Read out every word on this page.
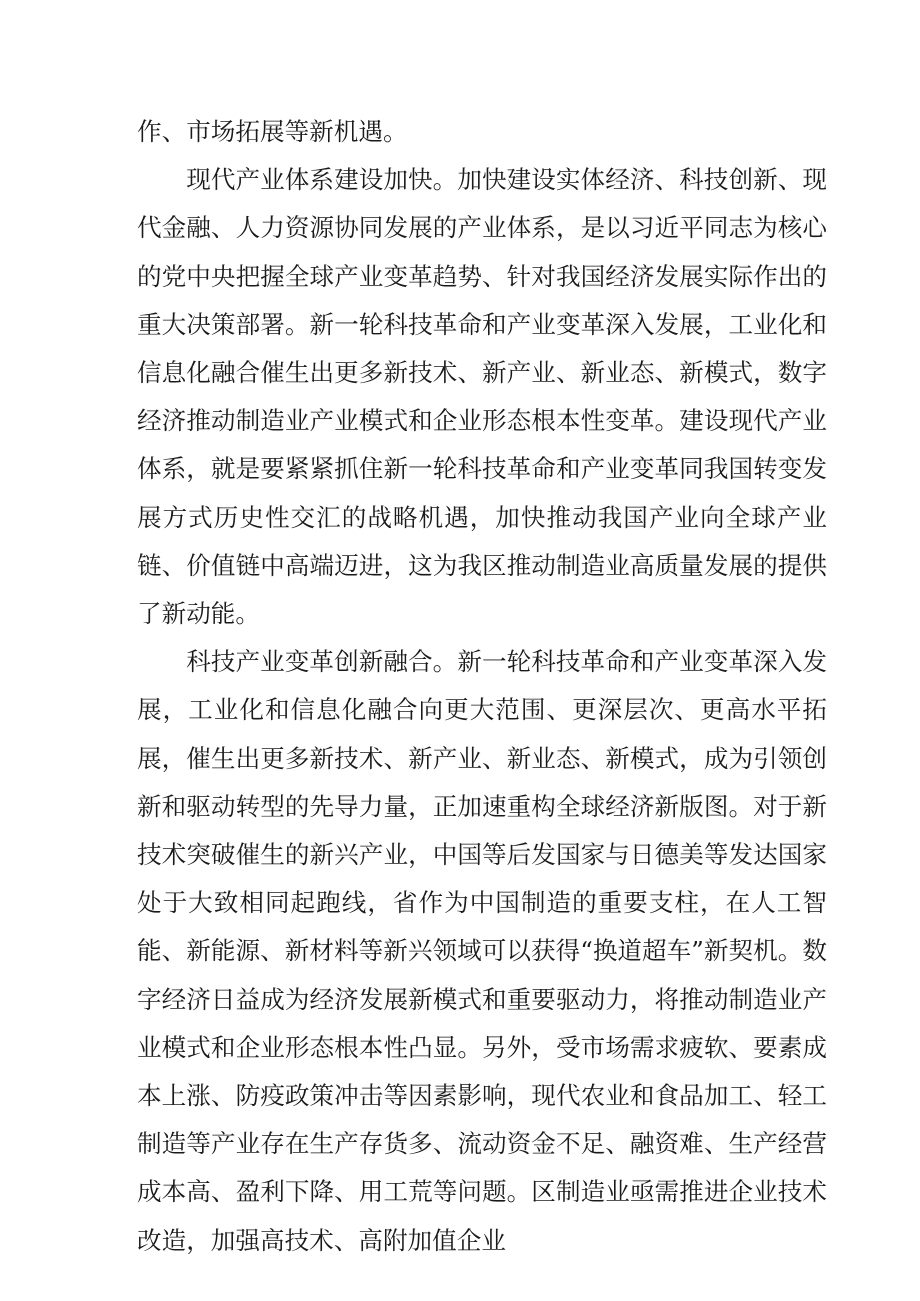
作、市场拓展等新机遇。

现代产业体系建设加快。加快建设实体经济、科技创新、现代金融、人力资源协同发展的产业体系，是以习近平同志为核心的党中央把握全球产业变革趋势、针对我国经济发展实际作出的重大决策部署。新一轮科技革命和产业变革深入发展，工业化和信息化融合催生出更多新技术、新产业、新业态、新模式，数字经济推动制造业产业模式和企业形态根本性变革。建设现代产业体系，就是要紧紧抓住新一轮科技革命和产业变革同我国转变发展方式历史性交汇的战略机遇，加快推动我国产业向全球产业链、价值链中高端迈进，这为我区推动制造业高质量发展的提供了新动能。

科技产业变革创新融合。新一轮科技革命和产业变革深入发展，工业化和信息化融合向更大范围、更深层次、更高水平拓展，催生出更多新技术、新产业、新业态、新模式，成为引领创新和驱动转型的先导力量，正加速重构全球经济新版图。对于新技术突破催生的新兴产业，中国等后发国家与日德美等发达国家处于大致相同起跑线，省作为中国制造的重要支柱，在人工智能、新能源、新材料等新兴领域可以获得“换道超车”新契机。数字经济日益成为经济发展新模式和重要驱动力，将推动制造业产业模式和企业形态根本性凸显。另外，受市场需求疲软、要素成本上涨、防疫政策冲击等因素影响，现代农业和食品加工、轻工制造等产业存在生产存货多、流动资金不足、融资难、生产经营成本高、盈利下降、用工荒等问题。区制造业亟需推进企业技术改造，加强高技术、高附加值企业
